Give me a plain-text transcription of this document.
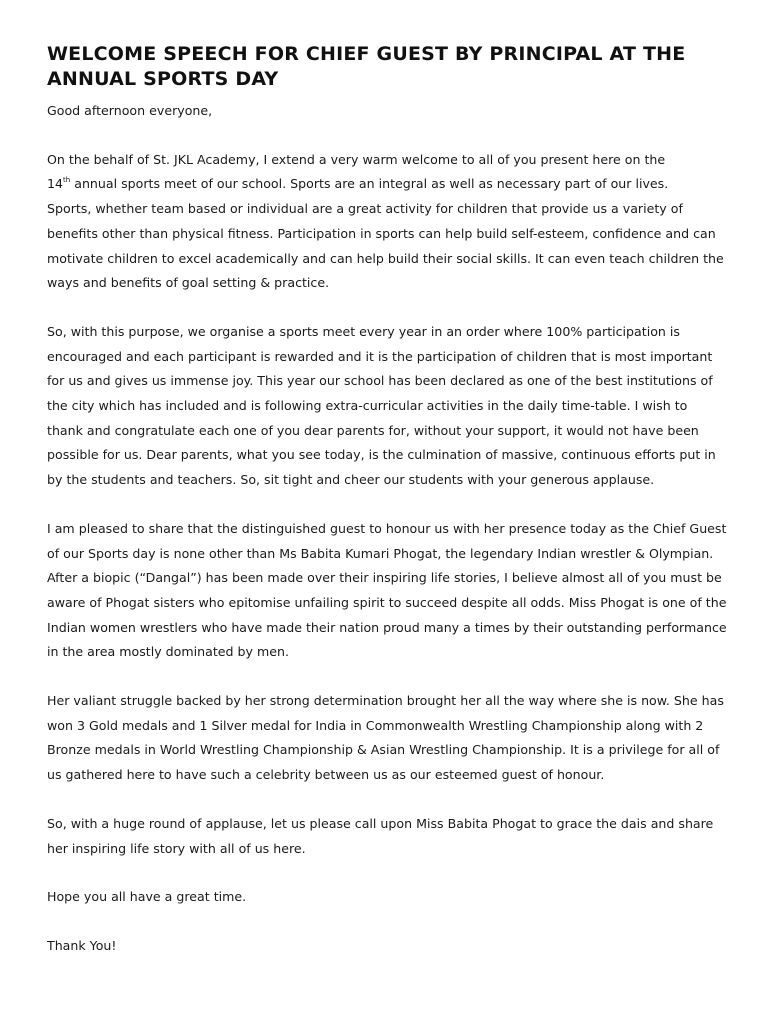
WELCOME SPEECH FOR CHIEF GUEST BY PRINCIPAL AT THE ANNUAL SPORTS DAY

Good afternoon everyone,

On the behalf of St. JKL Academy, I extend a very warm welcome to all of you present here on the
14th annual sports meet of our school. Sports are an integral as well as necessary part of our lives.
Sports, whether team based or individual are a great activity for children that provide us a variety of benefits other than physical fitness. Participation in sports can help build self-esteem, confidence and can motivate children to excel academically and can help build their social skills. It can even teach children the ways and benefits of goal setting & practice.

So, with this purpose, we organise a sports meet every year in an order where 100% participation is encouraged and each participant is rewarded and it is the participation of children that is most important for us and gives us immense joy. This year our school has been declared as one of the best institutions of the city which has included and is following extra-curricular activities in the daily time-table. I wish to thank and congratulate each one of you dear parents for, without your support, it would not have been possible for us. Dear parents, what you see today, is the culmination of massive, continuous efforts put in by the students and teachers. So, sit tight and cheer our students with your generous applause.

I am pleased to share that the distinguished guest to honour us with her presence today as the Chief Guest of our Sports day is none other than Ms Babita Kumari Phogat, the legendary Indian wrestler & Olympian. After a biopic (“Dangal”) has been made over their inspiring life stories, I believe almost all of you must be aware of Phogat sisters who epitomise unfailing spirit to succeed despite all odds. Miss Phogat is one of the Indian women wrestlers who have made their nation proud many a times by their outstanding performance in the area mostly dominated by men.

Her valiant struggle backed by her strong determination brought her all the way where she is now. She has won 3 Gold medals and 1 Silver medal for India in Commonwealth Wrestling Championship along with 2 Bronze medals in World Wrestling Championship & Asian Wrestling Championship. It is a privilege for all of us gathered here to have such a celebrity between us as our esteemed guest of honour.

So, with a huge round of applause, let us please call upon Miss Babita Phogat to grace the dais and share her inspiring life story with all of us here.

Hope you all have a great time.

Thank You!
